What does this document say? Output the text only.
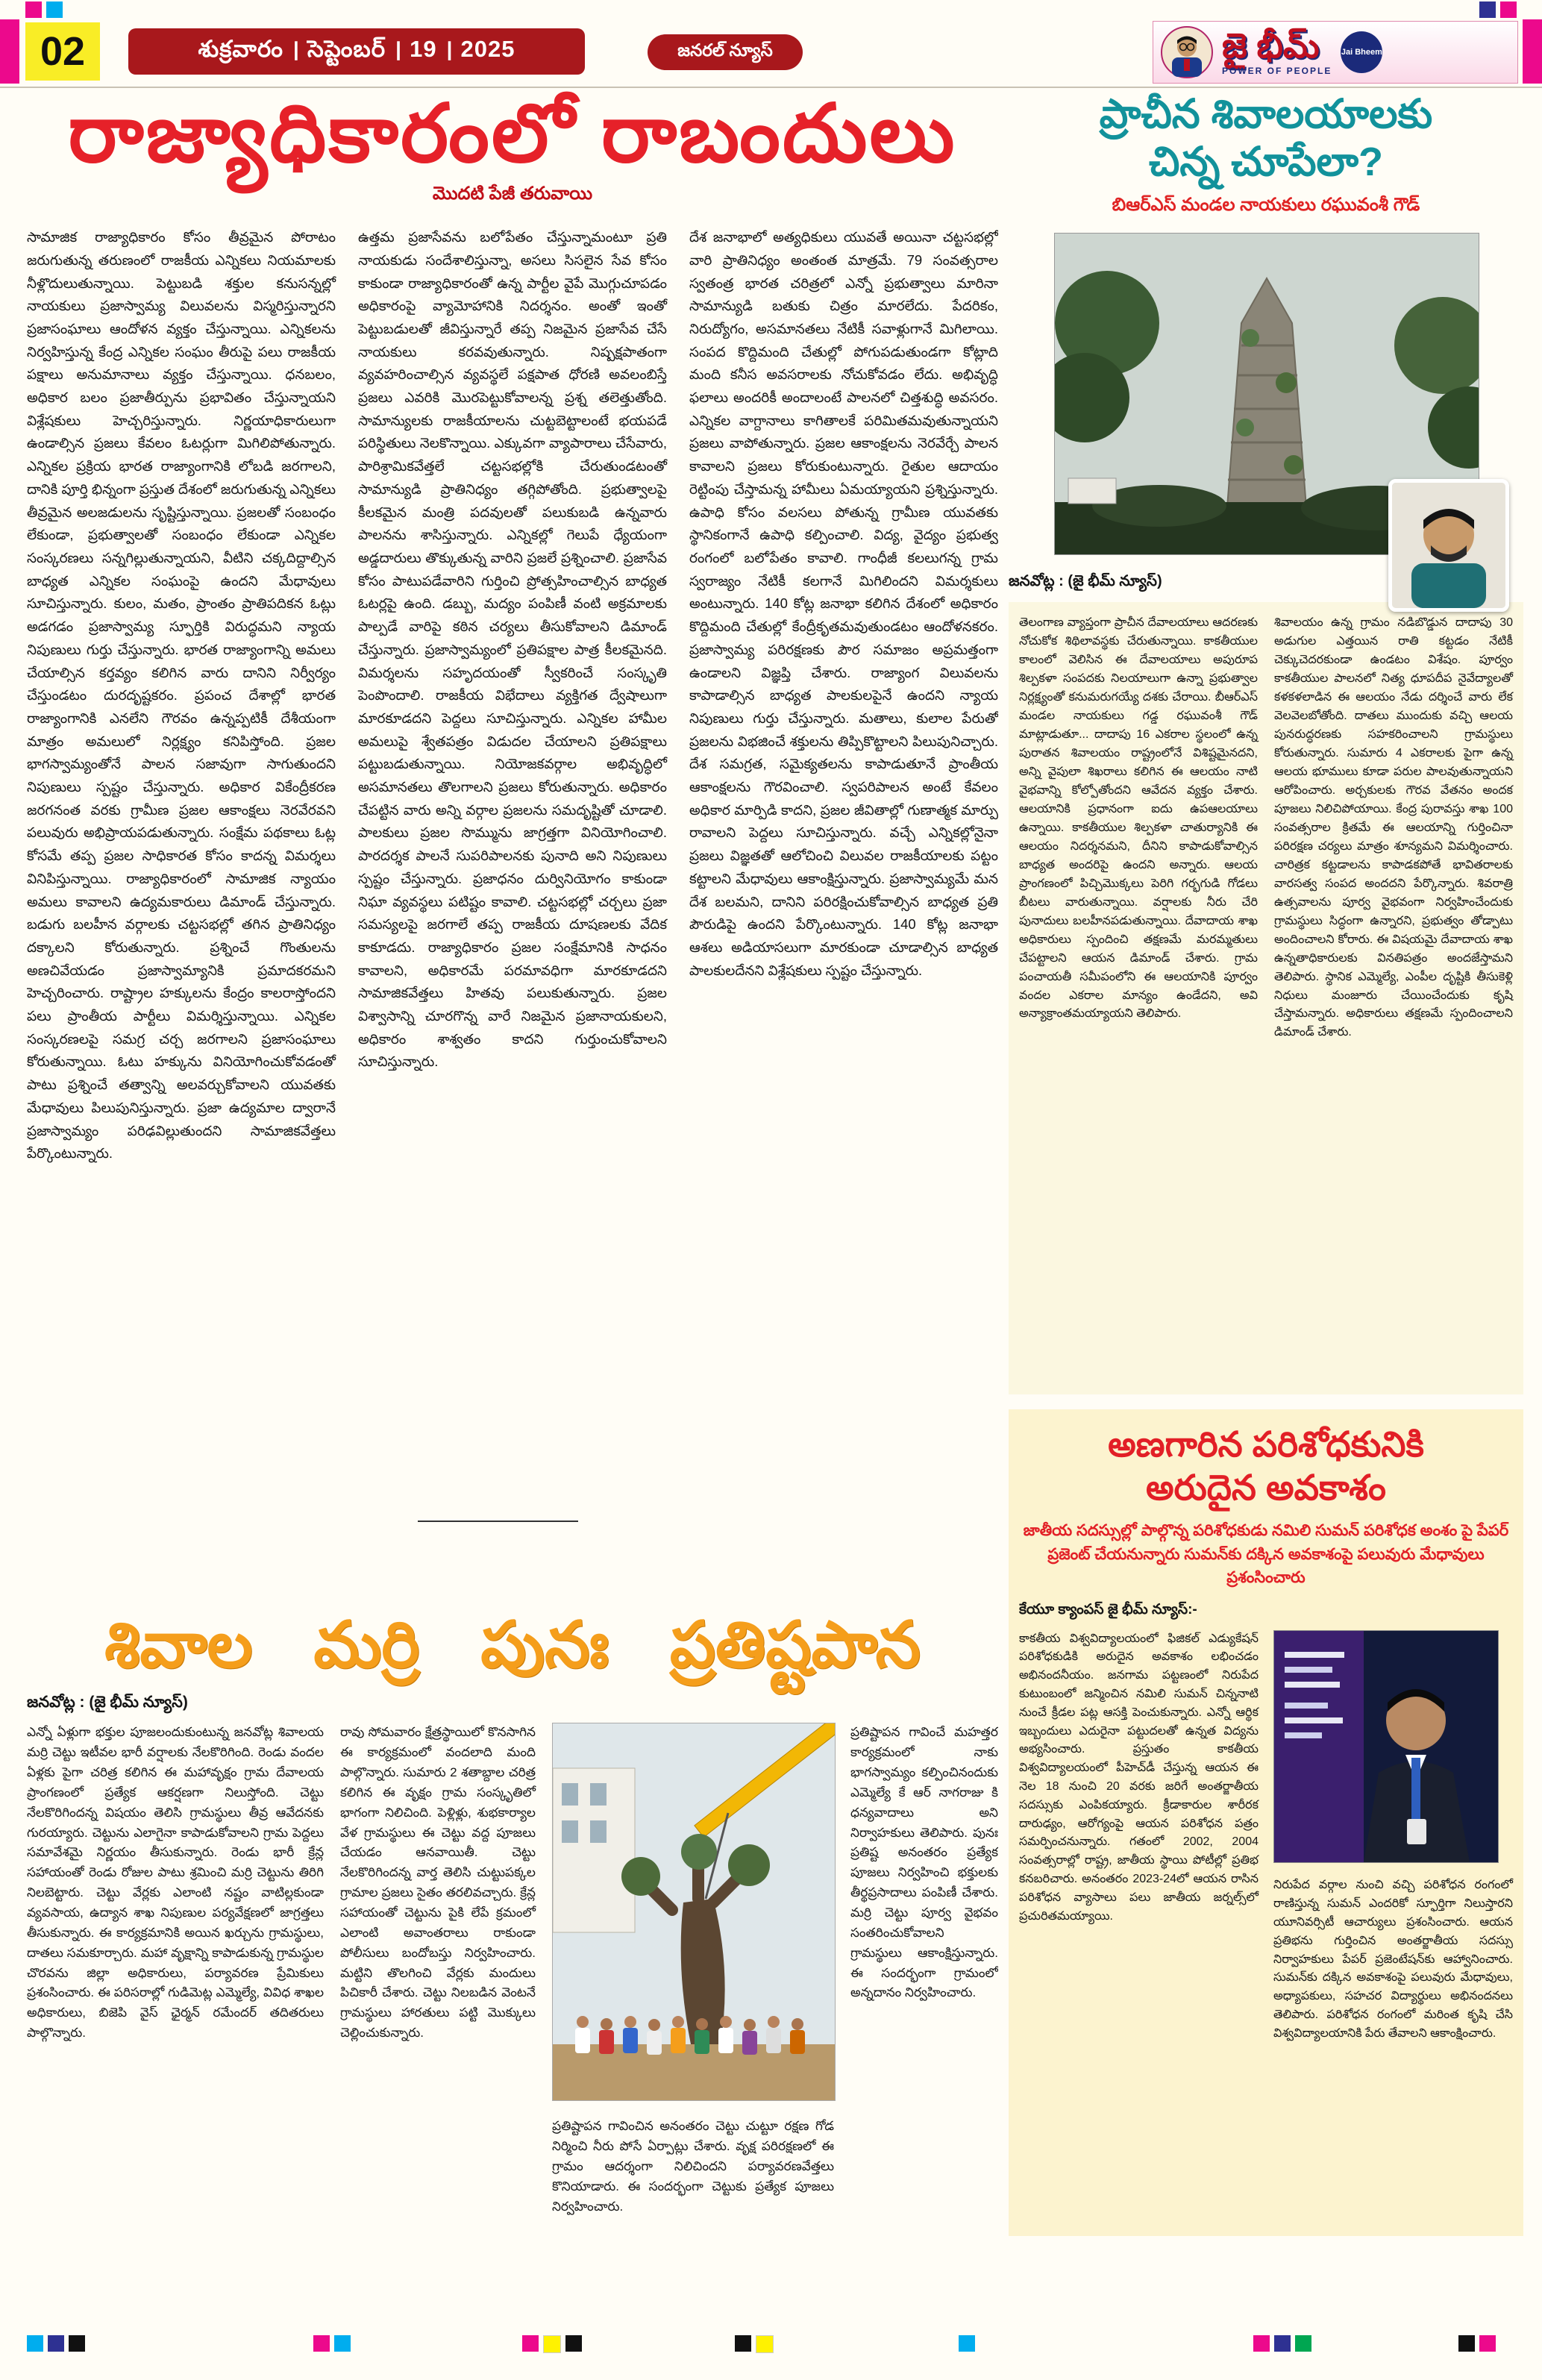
02	శుక్రవారం । సెప్టెంబర్ । 19 । 2025	జనరల్ న్యూస్	జై భీమ్
POWER OF PEOPLE
Jai Bheem
రాజ్యాధికారంలో రాబందులు
మొదటి పేజీ తరువాయి
సామాజిక రాజ్యాధికారం కోసం తీవ్రమైన పోరాటం జరుగుతున్న తరుణంలో రాజకీయ ఎన్నికలు నియమాలకు నీళ్లొదులుతున్నాయి. పెట్టుబడి శక్తుల కనుసన్నల్లో నాయకులు ప్రజాస్వామ్య విలువలను విస్మరిస్తున్నారని ప్రజాసంఘాలు ఆందోళన వ్యక్తం చేస్తున్నాయి. ఎన్నికలను నిర్వహిస్తున్న కేంద్ర ఎన్నికల సంఘం తీరుపై పలు రాజకీయ పక్షాలు అనుమానాలు వ్యక్తం చేస్తున్నాయి. ధనబలం, అధికార బలం ప్రజాతీర్పును ప్రభావితం చేస్తున్నాయని విశ్లేషకులు హెచ్చరిస్తున్నారు. నిర్ణయాధికారులుగా ఉండాల్సిన ప్రజలు కేవలం ఓటర్లుగా మిగిలిపోతున్నారు. ఎన్నికల ప్రక్రియ భారత రాజ్యాంగానికి లోబడి జరగాలని, దానికి పూర్తి భిన్నంగా ప్రస్తుత దేశంలో జరుగుతున్న ఎన్నికలు తీవ్రమైన అలజడులను సృష్టిస్తున్నాయి. ప్రజలతో సంబంధం లేకుండా, ప్రభుత్వాలతో సంబంధం లేకుండా ఎన్నికల సంస్కరణలు సన్నగిల్లుతున్నాయని, వీటిని చక్కదిద్దాల్సిన బాధ్యత ఎన్నికల సంఘంపై ఉందని మేధావులు సూచిస్తున్నారు. కులం, మతం, ప్రాంతం ప్రాతిపదికన ఓట్లు అడగడం ప్రజాస్వామ్య స్ఫూర్తికి విరుద్ధమని న్యాయ నిపుణులు గుర్తు చేస్తున్నారు. భారత రాజ్యాంగాన్ని అమలు చేయాల్సిన కర్తవ్యం కలిగిన వారు దానిని నిర్వీర్యం చేస్తుండటం దురదృష్టకరం. ప్రపంచ దేశాల్లో భారత రాజ్యాంగానికి ఎనలేని గౌరవం ఉన్నప్పటికీ దేశీయంగా మాత్రం అమలులో నిర్లక్ష్యం కనిపిస్తోంది. ప్రజల భాగస్వామ్యంతోనే పాలన సజావుగా సాగుతుందని నిపుణులు స్పష్టం చేస్తున్నారు. అధికార వికేంద్రీకరణ జరగనంత వరకు గ్రామీణ ప్రజల ఆకాంక్షలు నెరవేరవని పలువురు అభిప్రాయపడుతున్నారు. సంక్షేమ పథకాలు ఓట్ల కోసమే తప్ప ప్రజల సాధికారత కోసం కాదన్న విమర్శలు వినిపిస్తున్నాయి. రాజ్యాధికారంలో సామాజిక న్యాయం అమలు కావాలని ఉద్యమకారులు డిమాండ్ చేస్తున్నారు. బడుగు బలహీన వర్గాలకు చట్టసభల్లో తగిన ప్రాతినిధ్యం దక్కాలని కోరుతున్నారు. ప్రశ్నించే గొంతులను అణచివేయడం ప్రజాస్వామ్యానికి ప్రమాదకరమని హెచ్చరించారు. రాష్ట్రాల హక్కులను కేంద్రం కాలరాస్తోందని పలు ప్రాంతీయ పార్టీలు విమర్శిస్తున్నాయి. ఎన్నికల సంస్కరణలపై సమగ్ర చర్చ జరగాలని ప్రజాసంఘాలు కోరుతున్నాయి. ఓటు హక్కును వినియోగించుకోవడంతో పాటు ప్రశ్నించే తత్వాన్ని అలవర్చుకోవాలని యువతకు మేధావులు పిలుపునిస్తున్నారు. ప్రజా ఉద్యమాల ద్వారానే ప్రజాస్వామ్యం పరిఢవిల్లుతుందని సామాజికవేత్తలు పేర్కొంటున్నారు.
ఉత్తమ ప్రజాసేవను బలోపేతం చేస్తున్నామంటూ ప్రతి నాయకుడు సందేశాలిస్తున్నా, అసలు సిసలైన సేవ కోసం కాకుండా రాజ్యాధికారంతో ఉన్న పార్టీల వైపే మొగ్గుచూపడం అధికారంపై వ్యామోహానికి నిదర్శనం. అంతో ఇంతో పెట్టుబడులతో జీవిస్తున్నారే తప్ప నిజమైన ప్రజాసేవ చేసే నాయకులు కరవవుతున్నారు. నిష్పక్షపాతంగా వ్యవహరించాల్సిన వ్యవస్థలే పక్షపాత ధోరణి అవలంబిస్తే ప్రజలు ఎవరికి మొరపెట్టుకోవాలన్న ప్రశ్న తలెత్తుతోంది. సామాన్యులకు రాజకీయాలను చుట్టబెట్టాలంటే భయపడే పరిస్థితులు నెలకొన్నాయి. ఎక్కువగా వ్యాపారాలు చేసేవారు, పారిశ్రామికవేత్తలే చట్టసభల్లోకి చేరుతుండటంతో సామాన్యుడి ప్రాతినిధ్యం తగ్గిపోతోంది. ప్రభుత్వాలపై కీలకమైన మంత్రి పదవులతో పలుకుబడి ఉన్నవారు పాలనను శాసిస్తున్నారు. ఎన్నికల్లో గెలుపే ధ్యేయంగా అడ్డదారులు తొక్కుతున్న వారిని ప్రజలే ప్రశ్నించాలి. ప్రజాసేవ కోసం పాటుపడేవారిని గుర్తించి ప్రోత్సహించాల్సిన బాధ్యత ఓటర్లపై ఉంది. డబ్బు, మద్యం పంపిణీ వంటి అక్రమాలకు పాల్పడే వారిపై కఠిన చర్యలు తీసుకోవాలని డిమాండ్ చేస్తున్నారు. ప్రజాస్వామ్యంలో ప్రతిపక్షాల పాత్ర కీలకమైనది. విమర్శలను సహృదయంతో స్వీకరించే సంస్కృతి పెంపొందాలి. రాజకీయ విభేదాలు వ్యక్తిగత ద్వేషాలుగా మారకూడదని పెద్దలు సూచిస్తున్నారు. ఎన్నికల హామీల అమలుపై శ్వేతపత్రం విడుదల చేయాలని ప్రతిపక్షాలు పట్టుబడుతున్నాయి. నియోజకవర్గాల అభివృద్ధిలో అసమానతలు తొలగాలని ప్రజలు కోరుతున్నారు. అధికారం చేపట్టిన వారు అన్ని వర్గాల ప్రజలను సమదృష్టితో చూడాలి. పాలకులు ప్రజల సొమ్మును జాగ్రత్తగా వినియోగించాలి. పారదర్శక పాలనే సుపరిపాలనకు పునాది అని నిపుణులు స్పష్టం చేస్తున్నారు. ప్రజాధనం దుర్వినియోగం కాకుండా నిఘా వ్యవస్థలు పటిష్టం కావాలి. చట్టసభల్లో చర్చలు ప్రజా సమస్యలపై జరగాలే తప్ప రాజకీయ దూషణలకు వేదిక కాకూడదు. రాజ్యాధికారం ప్రజల సంక్షేమానికి సాధనం కావాలని, అధికారమే పరమావధిగా మారకూడదని సామాజికవేత్తలు హితవు పలుకుతున్నారు. ప్రజల విశ్వాసాన్ని చూరగొన్న వారే నిజమైన ప్రజానాయకులని, అధికారం శాశ్వతం కాదని గుర్తుంచుకోవాలని సూచిస్తున్నారు.
దేశ జనాభాలో అత్యధికులు యువతే అయినా చట్టసభల్లో వారి ప్రాతినిధ్యం అంతంత మాత్రమే. 79 సంవత్సరాల స్వతంత్ర భారత చరిత్రలో ఎన్నో ప్రభుత్వాలు మారినా సామాన్యుడి బతుకు చిత్రం మారలేదు. పేదరికం, నిరుద్యోగం, అసమానతలు నేటికీ సవాళ్లుగానే మిగిలాయి. సంపద కొద్దిమంది చేతుల్లో పోగుపడుతుండగా కోట్లాది మంది కనీస అవసరాలకు నోచుకోవడం లేదు. అభివృద్ధి ఫలాలు అందరికీ అందాలంటే పాలనలో చిత్తశుద్ధి అవసరం. ఎన్నికల వాగ్దానాలు కాగితాలకే పరిమితమవుతున్నాయని ప్రజలు వాపోతున్నారు. ప్రజల ఆకాంక్షలను నెరవేర్చే పాలన కావాలని ప్రజలు కోరుకుంటున్నారు. రైతుల ఆదాయం రెట్టింపు చేస్తామన్న హామీలు ఏమయ్యాయని ప్రశ్నిస్తున్నారు. ఉపాధి కోసం వలసలు పోతున్న గ్రామీణ యువతకు స్థానికంగానే ఉపాధి కల్పించాలి. విద్య, వైద్యం ప్రభుత్వ రంగంలో బలోపేతం కావాలి. గాంధీజీ కలలుగన్న గ్రామ స్వరాజ్యం నేటికీ కలగానే మిగిలిందని విమర్శకులు అంటున్నారు. 140 కోట్ల జనాభా కలిగిన దేశంలో అధికారం కొద్దిమంది చేతుల్లో కేంద్రీకృతమవుతుండటం ఆందోళనకరం. ప్రజాస్వామ్య పరిరక్షణకు పౌర సమాజం అప్రమత్తంగా ఉండాలని విజ్ఞప్తి చేశారు. రాజ్యాంగ విలువలను కాపాడాల్సిన బాధ్యత పాలకులపైనే ఉందని న్యాయ నిపుణులు గుర్తు చేస్తున్నారు. మతాలు, కులాల పేరుతో ప్రజలను విభజించే శక్తులను తిప్పికొట్టాలని పిలుపునిచ్చారు. దేశ సమగ్రత, సమైక్యతలను కాపాడుతూనే ప్రాంతీయ ఆకాంక్షలను గౌరవించాలి. స్వపరిపాలన అంటే కేవలం అధికార మార్పిడి కాదని, ప్రజల జీవితాల్లో గుణాత్మక మార్పు రావాలని పెద్దలు సూచిస్తున్నారు. వచ్చే ఎన్నికల్లోనైనా ప్రజలు విజ్ఞతతో ఆలోచించి విలువల రాజకీయాలకు పట్టం కట్టాలని మేధావులు ఆకాంక్షిస్తున్నారు. ప్రజాస్వామ్యమే మన దేశ బలమని, దానిని పరిరక్షించుకోవాల్సిన బాధ్యత ప్రతి పౌరుడిపై ఉందని పేర్కొంటున్నారు. 140 కోట్ల జనాభా ఆశలు అడియాసలుగా మారకుండా చూడాల్సిన బాధ్యత పాలకులదేనని విశ్లేషకులు స్పష్టం చేస్తున్నారు.
శివాల మర్రి పునః ప్రతిష్టపాన
జనవోట్ల : (జై భీమ్ న్యూస్)
ఎన్నో ఏళ్లుగా భక్తుల పూజలందుకుంటున్న జనవోట్ల శివాలయ మర్రి చెట్టు ఇటీవల భారీ వర్షాలకు నేలకొరిగింది. రెండు వందల ఏళ్లకు పైగా చరిత్ర కలిగిన ఈ మహావృక్షం గ్రామ దేవాలయ ప్రాంగణంలో ప్రత్యేక ఆకర్షణగా నిలుస్తోంది. చెట్టు నేలకొరిగిందన్న విషయం తెలిసి గ్రామస్థులు తీవ్ర ఆవేదనకు గురయ్యారు. చెట్టును ఎలాగైనా కాపాడుకోవాలని గ్రామ పెద్దలు సమావేశమై నిర్ణయం తీసుకున్నారు. రెండు భారీ క్రేన్ల సహాయంతో రెండు రోజుల పాటు శ్రమించి మర్రి చెట్టును తిరిగి నిలబెట్టారు. చెట్టు వేర్లకు ఎలాంటి నష్టం వాటిల్లకుండా వ్యవసాయ, ఉద్యాన శాఖ నిపుణుల పర్యవేక్షణలో జాగ్రత్తలు తీసుకున్నారు. ఈ కార్యక్రమానికి అయిన ఖర్చును గ్రామస్థులు, దాతలు సమకూర్చారు. మహా వృక్షాన్ని కాపాడుకున్న గ్రామస్థుల చొరవను జిల్లా అధికారులు, పర్యావరణ ప్రేమికులు ప్రశంసించారు. ఈ పరిసరాల్లో గుడిమెట్ల ఎమ్మెల్యే, వివిధ శాఖల అధికారులు, బిజెపి వైస్ ఛైర్మన్ రమేందర్ తదితరులు పాల్గొన్నారు.
రావు సోమవారం క్షేత్రస్థాయిలో కొనసాగిన ఈ కార్యక్రమంలో వందలాది మంది పాల్గొన్నారు. సుమారు 2 శతాబ్దాల చరిత్ర కలిగిన ఈ వృక్షం గ్రామ సంస్కృతిలో భాగంగా నిలిచింది. పెళ్లిళ్లు, శుభకార్యాల వేళ గ్రామస్థులు ఈ చెట్టు వద్ద పూజలు చేయడం ఆనవాయితీ. చెట్టు నేలకొరిగిందన్న వార్త తెలిసి చుట్టుపక్కల గ్రామాల ప్రజలు సైతం తరలివచ్చారు. క్రేన్ల సహాయంతో చెట్టును పైకి లేపే క్రమంలో ఎలాంటి అవాంతరాలు రాకుండా పోలీసులు బందోబస్తు నిర్వహించారు. మట్టిని తొలగించి వేర్లకు మందులు పిచికారీ చేశారు. చెట్టు నిలబడిన వెంటనే గ్రామస్థులు హారతులు పట్టి మొక్కులు చెల్లించుకున్నారు.
ప్రతిష్టాపన గావించిన అనంతరం చెట్టు చుట్టూ రక్షణ గోడ నిర్మించి నీరు పోసే ఏర్పాట్లు చేశారు. వృక్ష పరిరక్షణలో ఈ గ్రామం ఆదర్శంగా నిలిచిందని పర్యావరణవేత్తలు కొనియాడారు. ఈ సందర్భంగా చెట్టుకు ప్రత్యేక పూజలు నిర్వహించారు.
ప్రతిష్టాపన గావించే మహత్తర కార్యక్రమంలో నాకు భాగస్వామ్యం కల్పించినందుకు ఎమ్మెల్యే కే ఆర్ నాగరాజు కి ధన్యవాదాలు అని నిర్వాహకులు తెలిపారు. పునః ప్రతిష్ట అనంతరం ప్రత్యేక పూజలు నిర్వహించి భక్తులకు తీర్థప్రసాదాలు పంపిణీ చేశారు. మర్రి చెట్టు పూర్వ వైభవం సంతరించుకోవాలని గ్రామస్థులు ఆకాంక్షిస్తున్నారు. ఈ సందర్భంగా గ్రామంలో అన్నదానం నిర్వహించారు.
ప్రాచీన శివాలయాలకు
చిన్న చూపేలా?
బిఆర్ఎస్ మండల నాయకులు రఘువంశీ గౌడ్
జనవోట్ల : (జై భీమ్ న్యూస్)
తెలంగాణ వ్యాప్తంగా ప్రాచీన దేవాలయాలు ఆదరణకు నోచుకోక శిథిలావస్థకు చేరుతున్నాయి. కాకతీయుల కాలంలో వెలిసిన ఈ దేవాలయాలు అపురూప శిల్పకళా సంపదకు నిలయాలుగా ఉన్నా ప్రభుత్వాల నిర్లక్ష్యంతో కనుమరుగయ్యే దశకు చేరాయి. బీఆర్ఎస్ మండల నాయకులు గడ్డ రఘువంశీ గౌడ్ మాట్లాడుతూ... దాదాపు 16 ఎకరాల స్థలంలో ఉన్న పురాతన శివాలయం రాష్ట్రంలోనే విశిష్టమైనదని, అన్ని వైపులా శిఖరాలు కలిగిన ఈ ఆలయం నాటి వైభవాన్ని కోల్పోతోందని ఆవేదన వ్యక్తం చేశారు. ఆలయానికి ప్రధానంగా ఐదు ఉపఆలయాలు ఉన్నాయి. కాకతీయుల శిల్పకళా చాతుర్యానికి ఈ ఆలయం నిదర్శనమని, దీనిని కాపాడుకోవాల్సిన బాధ్యత అందరిపై ఉందని అన్నారు. ఆలయ ప్రాంగణంలో పిచ్చిమొక్కలు పెరిగి గర్భగుడి గోడలు బీటలు వారుతున్నాయి. వర్షాలకు నీరు చేరి పునాదులు బలహీనపడుతున్నాయి. దేవాదాయ శాఖ అధికారులు స్పందించి తక్షణమే మరమ్మతులు చేపట్టాలని ఆయన డిమాండ్ చేశారు. గ్రామ పంచాయతీ సమీపంలోని ఈ ఆలయానికి పూర్వం వందల ఎకరాల మాన్యం ఉండేదని, అవి అన్యాక్రాంతమయ్యాయని తెలిపారు.
శివాలయం ఉన్న గ్రామం నడిబొడ్డున దాదాపు 30 అడుగుల ఎత్తయిన రాతి కట్టడం నేటికీ చెక్కుచెదరకుండా ఉండటం విశేషం. పూర్వం కాకతీయుల పాలనలో నిత్య ధూపదీప నైవేద్యాలతో కళకళలాడిన ఈ ఆలయం నేడు దర్శించే వారు లేక వెలవెలబోతోంది. దాతలు ముందుకు వచ్చి ఆలయ పునరుద్ధరణకు సహకరించాలని గ్రామస్థులు కోరుతున్నారు. సుమారు 4 ఎకరాలకు పైగా ఉన్న ఆలయ భూములు కూడా పరుల పాలవుతున్నాయని ఆరోపించారు. అర్చకులకు గౌరవ వేతనం అందక పూజలు నిలిచిపోయాయి. కేంద్ర పురావస్తు శాఖ 100 సంవత్సరాల క్రితమే ఈ ఆలయాన్ని గుర్తించినా పరిరక్షణ చర్యలు మాత్రం శూన్యమని విమర్శించారు. చారిత్రక కట్టడాలను కాపాడకపోతే భావితరాలకు వారసత్వ సంపద అందదని పేర్కొన్నారు. శివరాత్రి ఉత్సవాలను పూర్వ వైభవంగా నిర్వహించేందుకు గ్రామస్థులు సిద్ధంగా ఉన్నారని, ప్రభుత్వం తోడ్పాటు అందించాలని కోరారు. ఈ విషయమై దేవాదాయ శాఖ ఉన్నతాధికారులకు వినతిపత్రం అందజేస్తామని తెలిపారు. స్థానిక ఎమ్మెల్యే, ఎంపీల దృష్టికి తీసుకెళ్లి నిధులు మంజూరు చేయించేందుకు కృషి చేస్తామన్నారు. అధికారులు తక్షణమే స్పందించాలని డిమాండ్ చేశారు.
అణగారిన పరిశోధకునికి
అరుదైన అవకాశం
జాతీయ సదస్సుల్లో పాల్గొన్న పరిశోధకుడు నమిలి సుమన్ పరిశోధక అంశం పై పేపర్ ప్రజెంట్ చేయనున్నారు సుమన్‌కు దక్కిన అవకాశంపై పలువురు మేధావులు ప్రశంసించారు
కేయూ క్యాంపస్ జై భీమ్ న్యూస్:-
కాకతీయ విశ్వవిద్యాలయంలో ఫిజికల్ ఎడ్యుకేషన్ పరిశోధకుడికి అరుదైన అవకాశం లభించడం అభినందనీయం. జనగామ పట్టణంలో నిరుపేద కుటుంబంలో జన్మించిన నమిలి సుమన్ చిన్ననాటి నుంచే క్రీడల పట్ల ఆసక్తి పెంచుకున్నారు. ఎన్నో ఆర్థిక ఇబ్బందులు ఎదురైనా పట్టుదలతో ఉన్నత విద్యను అభ్యసించారు. ప్రస్తుతం కాకతీయ విశ్వవిద్యాలయంలో పీహెచ్‌డీ చేస్తున్న ఆయన ఈ నెల 18 నుంచి 20 వరకు జరిగే అంతర్జాతీయ సదస్సుకు ఎంపికయ్యారు. క్రీడాకారుల శారీరక దారుఢ్యం, ఆరోగ్యంపై ఆయన పరిశోధన పత్రం సమర్పించనున్నారు. గతంలో 2002, 2004 సంవత్సరాల్లో రాష్ట్ర, జాతీయ స్థాయి పోటీల్లో ప్రతిభ కనబరిచారు. అనంతరం 2023-24లో ఆయన రాసిన పరిశోధన వ్యాసాలు పలు జాతీయ జర్నల్స్‌లో ప్రచురితమయ్యాయి.
నిరుపేద వర్గాల నుంచి వచ్చి పరిశోధన రంగంలో రాణిస్తున్న సుమన్ ఎందరికో స్ఫూర్తిగా నిలుస్తారని యూనివర్సిటీ ఆచార్యులు ప్రశంసించారు. ఆయన ప్రతిభను గుర్తించిన అంతర్జాతీయ సదస్సు నిర్వాహకులు పేపర్ ప్రజెంటేషన్‌కు ఆహ్వానించారు. సుమన్‌కు దక్కిన అవకాశంపై పలువురు మేధావులు, అధ్యాపకులు, సహచర విద్యార్థులు అభినందనలు తెలిపారు. పరిశోధన రంగంలో మరింత కృషి చేసి విశ్వవిద్యాలయానికి పేరు తేవాలని ఆకాంక్షించారు.
